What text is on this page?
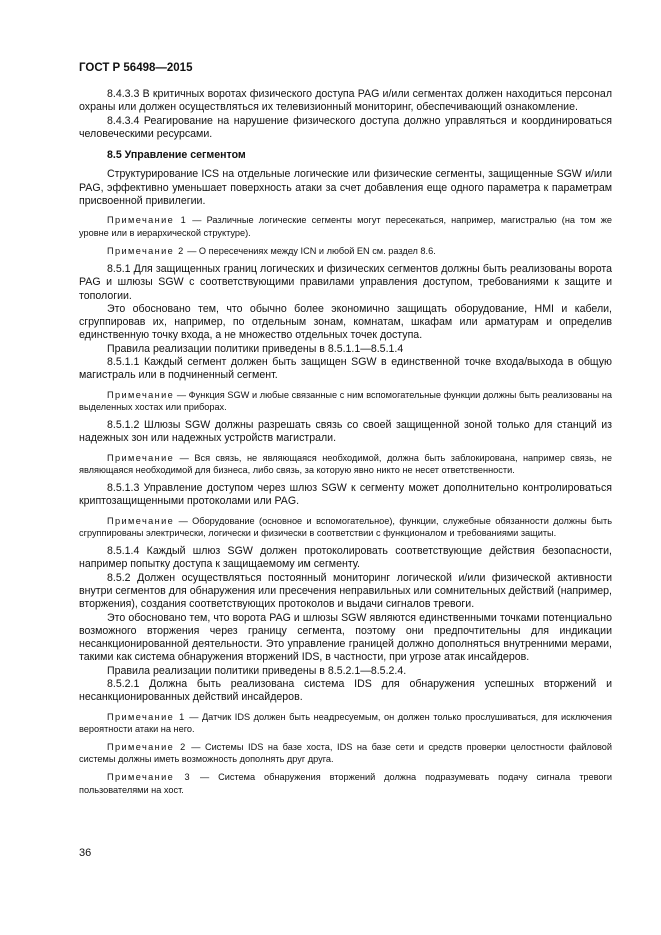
ГОСТ Р 56498—2015

8.4.3.3 В критичных воротах физического доступа PAG и/или сегментах должен находиться персонал охраны или должен осуществляться их телевизионный мониторинг, обеспечивающий ознакомление.

8.4.3.4 Реагирование на нарушение физического доступа должно управляться и координироваться человеческими ресурсами.

8.5 Управление сегментом

Структурирование ICS на отдельные логические или физические сегменты, защищенные SGW и/или PAG, эффективно уменьшает поверхность атаки за счет добавления еще одного параметра к параметрам присвоенной привилегии.

Примечание 1 — Различные логические сегменты могут пересекаться, например, магистралью (на том же уровне или в иерархической структуре).

Примечание 2 — О пересечениях между ICN и любой EN см. раздел 8.6.

8.5.1 Для защищенных границ логических и физических сегментов должны быть реализованы ворота PAG и шлюзы SGW с соответствующими правилами управления доступом, требованиями к защите и топологии.

Это обосновано тем, что обычно более экономично защищать оборудование, HMI и кабели, сгруппировав их, например, по отдельным зонам, комнатам, шкафам или арматурам и определив единственную точку входа, а не множество отдельных точек доступа.

Правила реализации политики приведены в 8.5.1.1—8.5.1.4

8.5.1.1 Каждый сегмент должен быть защищен SGW в единственной точке входа/выхода в общую магистраль или в подчиненный сегмент.

Примечание — Функция SGW и любые связанные с ним вспомогательные функции должны быть реализованы на выделенных хостах или приборах.

8.5.1.2 Шлюзы SGW должны разрешать связь со своей защищенной зоной только для станций из надежных зон или надежных устройств магистрали.

Примечание — Вся связь, не являющаяся необходимой, должна быть заблокирована, например связь, не являющаяся необходимой для бизнеса, либо связь, за которую явно никто не несет ответственности.

8.5.1.3 Управление доступом через шлюз SGW к сегменту может дополнительно контролироваться криптозащищенными протоколами или PAG.

Примечание — Оборудование (основное и вспомогательное), функции, служебные обязанности должны быть сгруппированы электрически, логически и физически в соответствии с функционалом и требованиями защиты.

8.5.1.4 Каждый шлюз SGW должен протоколировать соответствующие действия безопасности, например попытку доступа к защищаемому им сегменту.

8.5.2 Должен осуществляться постоянный мониторинг логической и/или физической активности внутри сегментов для обнаружения или пресечения неправильных или сомнительных действий (например, вторжения), создания соответствующих протоколов и выдачи сигналов тревоги.

Это обосновано тем, что ворота PAG и шлюзы SGW являются единственными точками потенциально возможного вторжения через границу сегмента, поэтому они предпочтительны для индикации несанкционированной деятельности. Это управление границей должно дополняться внутренними мерами, такими как система обнаружения вторжений IDS, в частности, при угрозе атак инсайдеров.

Правила реализации политики приведены в 8.5.2.1—8.5.2.4.

8.5.2.1 Должна быть реализована система IDS для обнаружения успешных вторжений и несанкционированных действий инсайдеров.

Примечание 1 — Датчик IDS должен быть неадресуемым, он должен только прослушиваться, для исключения вероятности атаки на него.

Примечание 2 — Системы IDS на базе хоста, IDS на базе сети и средств проверки целостности файловой системы должны иметь возможность дополнять друг друга.

Примечание 3 — Система обнаружения вторжений должна подразумевать подачу сигнала тревоги пользователями на хост.

36
